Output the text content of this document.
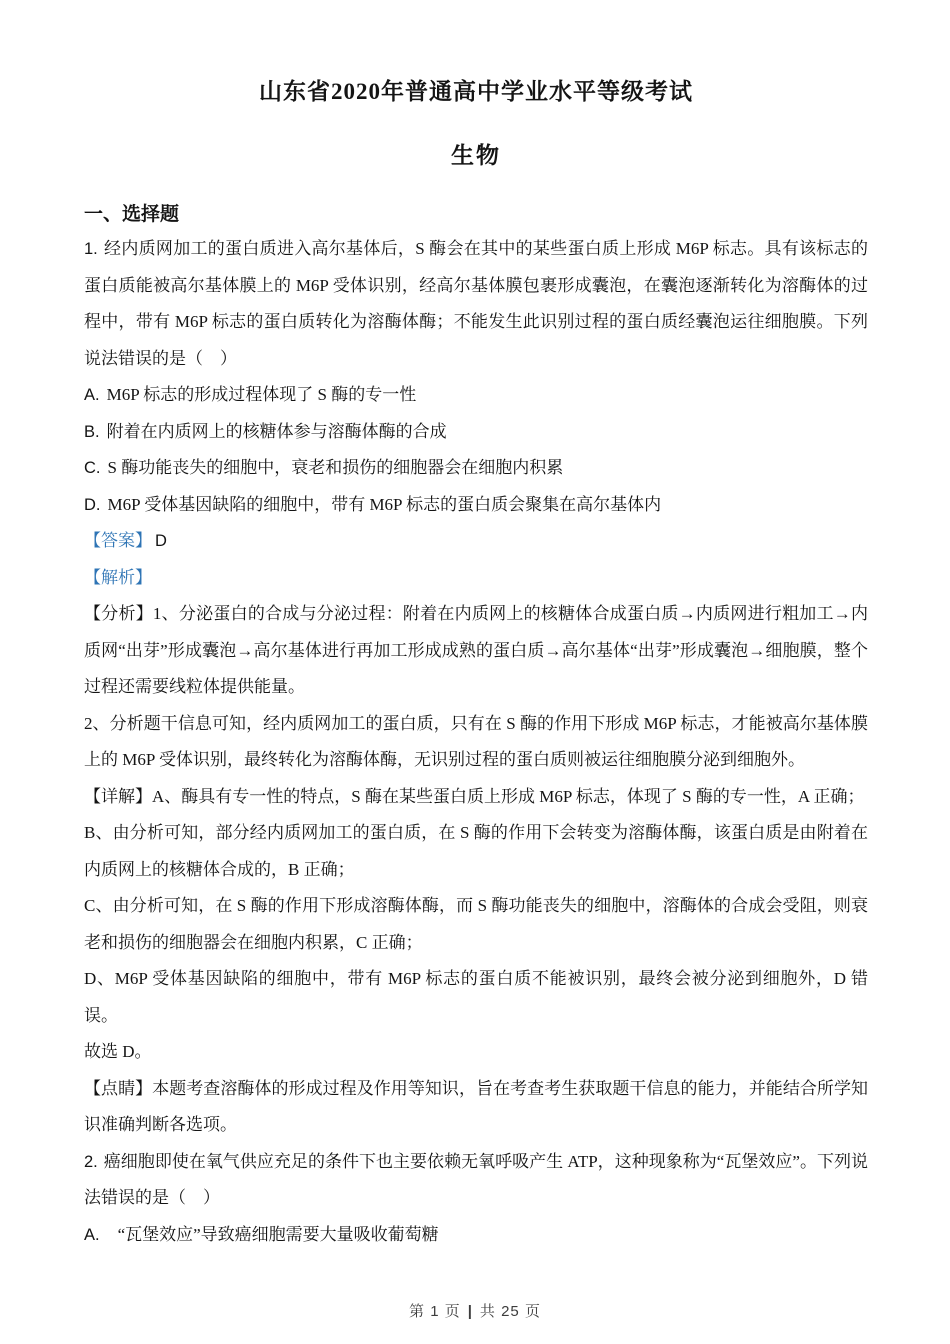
山东省2020年普通高中学业水平等级考试
生物
一、选择题

1. 经内质网加工的蛋白质进入高尔基体后，S 酶会在其中的某些蛋白质上形成 M6P 标志。具有该标志的蛋白质能被高尔基体膜上的 M6P 受体识别，经高尔基体膜包裹形成囊泡，在囊泡逐渐转化为溶酶体的过程中，带有 M6P 标志的蛋白质转化为溶酶体酶；不能发生此识别过程的蛋白质经囊泡运往细胞膜。下列说法错误的是（　）

A. M6P 标志的形成过程体现了 S 酶的专一性

B. 附着在内质网上的核糖体参与溶酶体酶的合成

C. S 酶功能丧失的细胞中，衰老和损伤的细胞器会在细胞内积累

D. M6P 受体基因缺陷的细胞中，带有 M6P 标志的蛋白质会聚集在高尔基体内

【答案】 D

【解析】

【分析】1、分泌蛋白的合成与分泌过程：附着在内质网上的核糖体合成蛋白质→内质网进行粗加工→内质网“出芽”形成囊泡→高尔基体进行再加工形成成熟的蛋白质→高尔基体“出芽”形成囊泡→细胞膜，整个过程还需要线粒体提供能量。

2、分析题干信息可知，经内质网加工的蛋白质，只有在 S 酶的作用下形成 M6P 标志，才能被高尔基体膜上的 M6P 受体识别，最终转化为溶酶体酶，无识别过程的蛋白质则被运往细胞膜分泌到细胞外。

【详解】A、酶具有专一性的特点，S 酶在某些蛋白质上形成 M6P 标志，体现了 S 酶的专一性，A 正确；

B、由分析可知，部分经内质网加工的蛋白质，在 S 酶的作用下会转变为溶酶体酶，该蛋白质是由附着在内质网上的核糖体合成的，B 正确；

C、由分析可知，在 S 酶的作用下形成溶酶体酶，而 S 酶功能丧失的细胞中，溶酶体的合成会受阻，则衰老和损伤的细胞器会在细胞内积累，C 正确；

D、M6P 受体基因缺陷的细胞中，带有 M6P 标志的蛋白质不能被识别，最终会被分泌到细胞外，D 错误。

故选 D。

【点睛】本题考查溶酶体的形成过程及作用等知识，旨在考查考生获取题干信息的能力，并能结合所学知识准确判断各选项。

2. 癌细胞即使在氧气供应充足的条件下也主要依赖无氧呼吸产生 ATP，这种现象称为“瓦堡效应”。下列说法错误的是（　）

A. “瓦堡效应”导致癌细胞需要大量吸收葡萄糖

第 1 页 | 共 25 页
